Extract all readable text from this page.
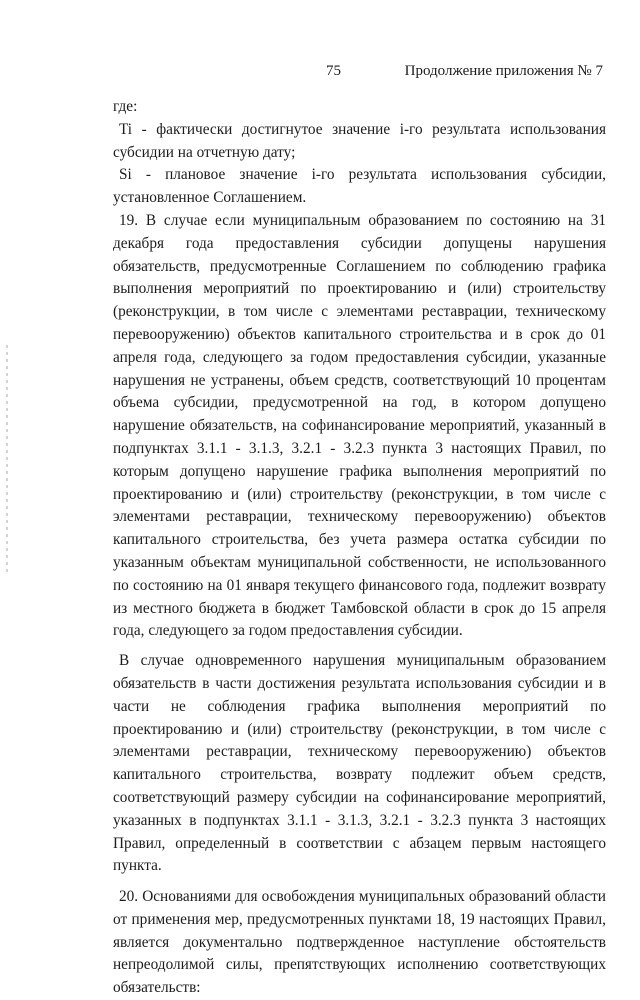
75	Продолжение приложения № 7

где:

Ti - фактически достигнутое значение i-го результата использования субсидии на отчетную дату;

Si - плановое значение i-го результата использования субсидии, установленное Соглашением.

19. В случае если муниципальным образованием по состоянию на 31 декабря года предоставления субсидии допущены нарушения обязательств, предусмотренные Соглашением по соблюдению графика выполнения мероприятий по проектированию и (или) строительству (реконструкции, в том числе с элементами реставрации, техническому перевооружению) объектов капитального строительства и в срок до 01 апреля года, следующего за годом предоставления субсидии, указанные нарушения не устранены, объем средств, соответствующий 10 процентам объема субсидии, предусмотренной на год, в котором допущено нарушение обязательств, на софинансирование мероприятий, указанный в подпунктах 3.1.1 - 3.1.3, 3.2.1 - 3.2.3 пункта 3 настоящих Правил, по которым допущено нарушение графика выполнения мероприятий по проектированию и (или) строительству (реконструкции, в том числе с элементами реставрации, техническому перевооружению) объектов капитального строительства, без учета размера остатка субсидии по указанным объектам муниципальной собственности, не использованного по состоянию на 01 января текущего финансового года, подлежит возврату из местного бюджета в бюджет Тамбовской области в срок до 15 апреля года, следующего за годом предоставления субсидии.

В случае одновременного нарушения муниципальным образованием обязательств в части достижения результата использования субсидии и в части не соблюдения графика выполнения мероприятий по проектированию и (или) строительству (реконструкции, в том числе с элементами реставрации, техническому перевооружению) объектов капитального строительства, возврату подлежит объем средств, соответствующий размеру субсидии на софинансирование мероприятий, указанных в подпунктах 3.1.1 - 3.1.3, 3.2.1 - 3.2.3 пункта 3 настоящих Правил, определенный в соответствии с абзацем первым настоящего пункта.

20. Основаниями для освобождения муниципальных образований области от применения мер, предусмотренных пунктами 18, 19 настоящих Правил, является документально подтвержденное наступление обстоятельств непреодолимой силы, препятствующих исполнению соответствующих обязательств:
